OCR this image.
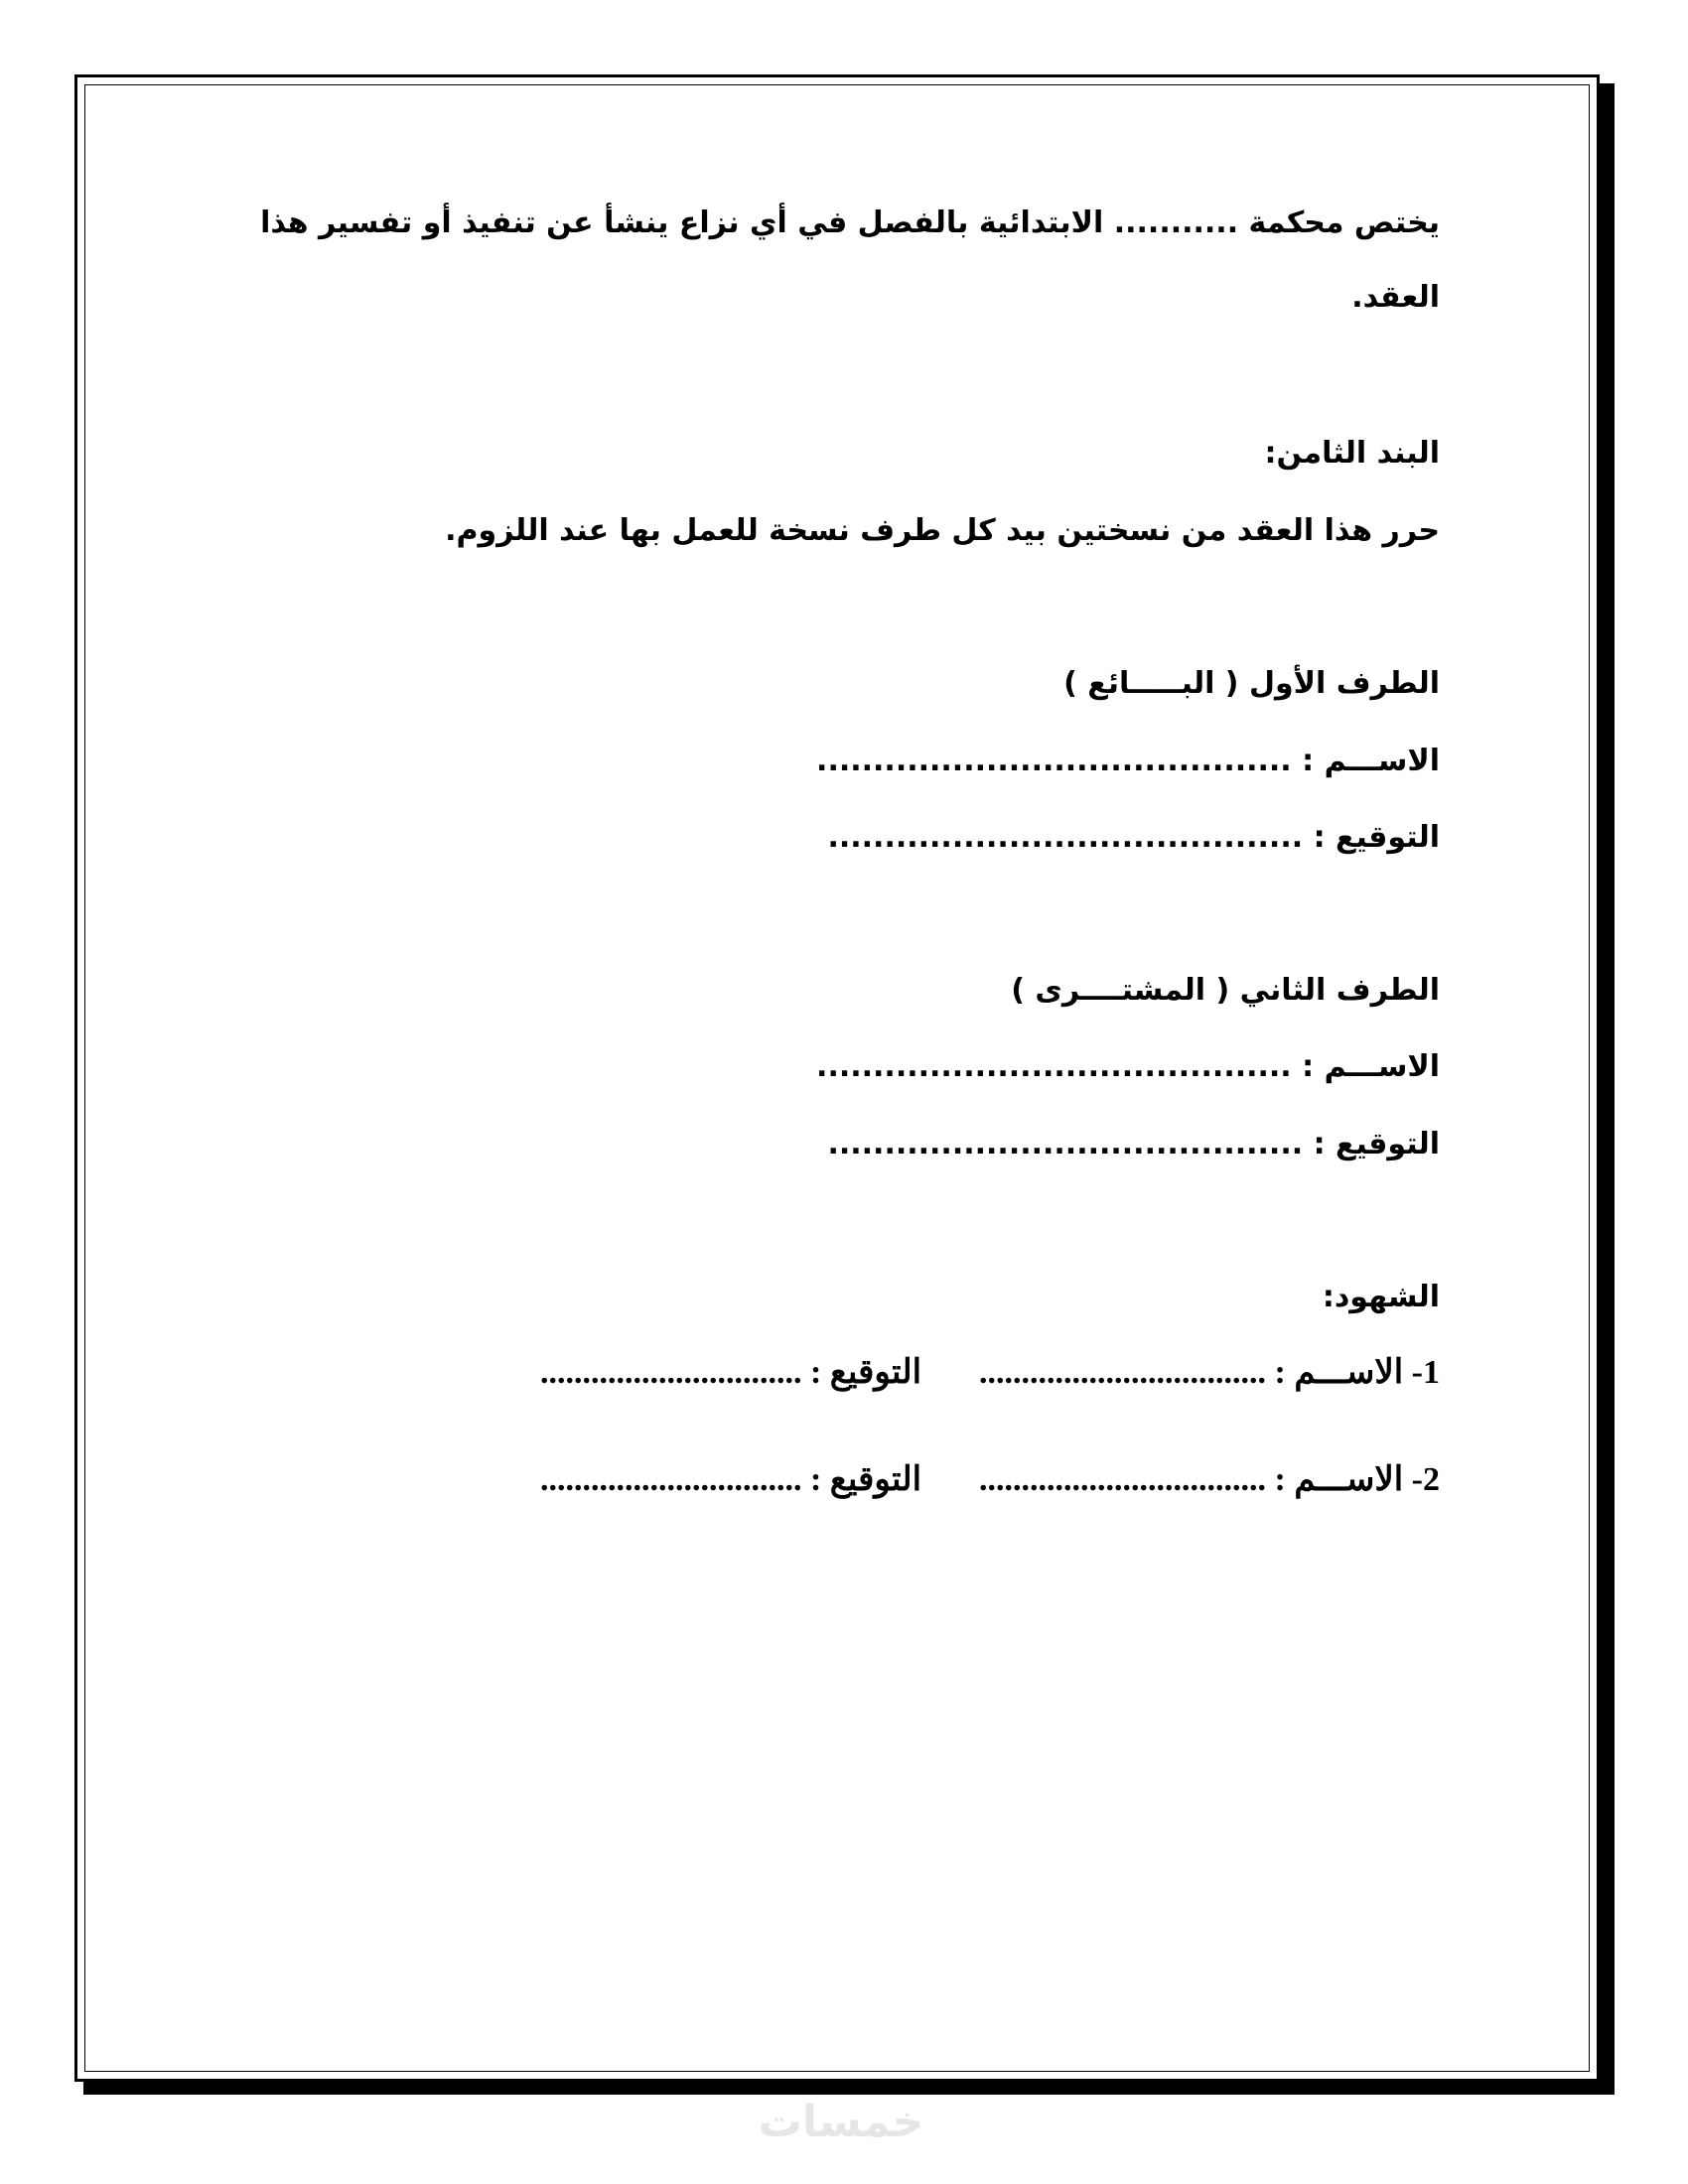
يختص محكمة ........... الابتدائية بالفصل في أي نزاع ينشأ عن تنفيذ أو تفسير هذا
العقد.
البند الثامن:
حرر هذا العقد من نسختين بيد كل طرف نسخة للعمل بها عند اللزوم.
الطرف الأول ( البـــــائع )
الاســـم : ..........................................
التوقيع : ..........................................
الطرف الثاني ( المشتــــرى )
الاســـم : ..........................................
التوقيع : ..........................................
الشهود:
1- الاســـم : ..................................التوقيع : ...............................
2- الاســـم : ..................................التوقيع : ...............................
خمسات
